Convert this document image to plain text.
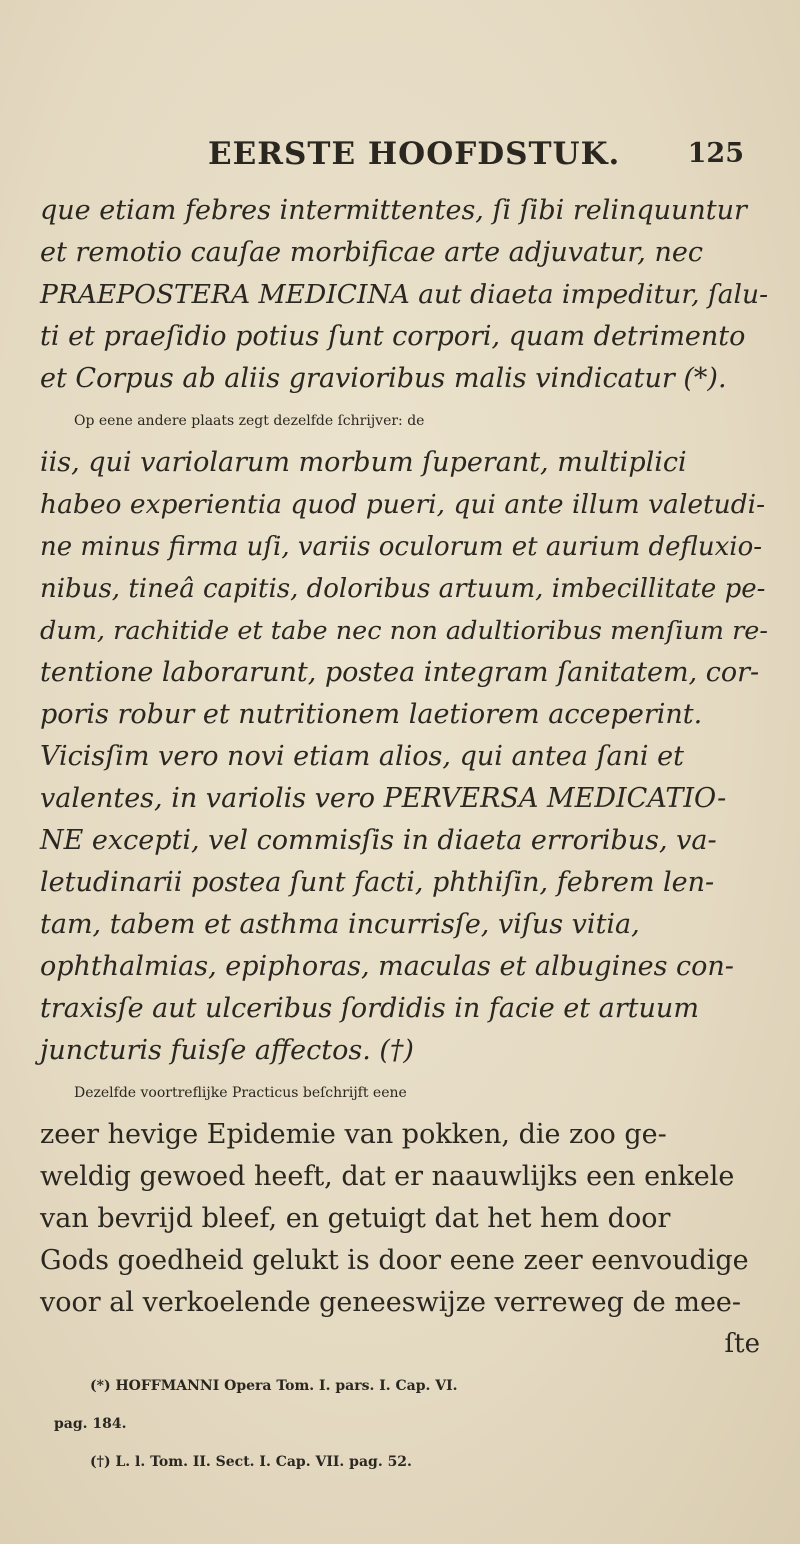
EERSTE HOOFDSTUK. 125
que etiam febres intermittentes, ſi ſibi relinquuntur
et remotio cauſae morbificae arte adjuvatur, nec
PRAEPOSTERA MEDICINA aut diaeta impeditur, ſalu-
ti et praeſidio potius ſunt corpori, quam detrimento
et Corpus ab aliis gravioribus malis vindicatur (*).
Op eene andere plaats zegt dezelfde ſchrijver: de
iis, qui variolarum morbum ſuperant, multiplici
habeo experientia quod pueri, qui ante illum valetudi-
ne minus firma uſi, variis oculorum et aurium defluxio-
nibus, tineâ capitis, doloribus artuum, imbecillitate pe-
dum, rachitide et tabe nec non adultioribus menſium re-
tentione laborarunt, postea integram ſanitatem, cor-
poris robur et nutritionem laetiorem acceperint.
Vicisſim vero novi etiam alios, qui antea ſani et
valentes, in variolis vero PERVERSA MEDICATIO-
NE excepti, vel commisſis in diaeta erroribus, va-
letudinarii postea ſunt facti, phthiſin, febrem len-
tam, tabem et asthma incurrisſe, viſus vitia,
ophthalmias, epiphoras, maculas et albugines con-
traxisſe aut ulceribus ſordidis in facie et artuum
juncturis fuisſe affectos. (†)
Dezelfde voortreflijke Practicus beſchrijft eene
zeer hevige Epidemie van pokken, die zoo ge-
weldig gewoed heeft, dat er naauwlijks een enkele
van bevrijd bleef, en getuigt dat het hem door
Gods goedheid gelukt is door eene zeer eenvoudige
voor al verkoelende geneeswijze verreweg de mee-
ſte
(*) HOFFMANNI Opera Tom. I. pars. I. Cap. VI.
pag. 184.
(†) L. l. Tom. II. Sect. I. Cap. VII. pag. 52.
